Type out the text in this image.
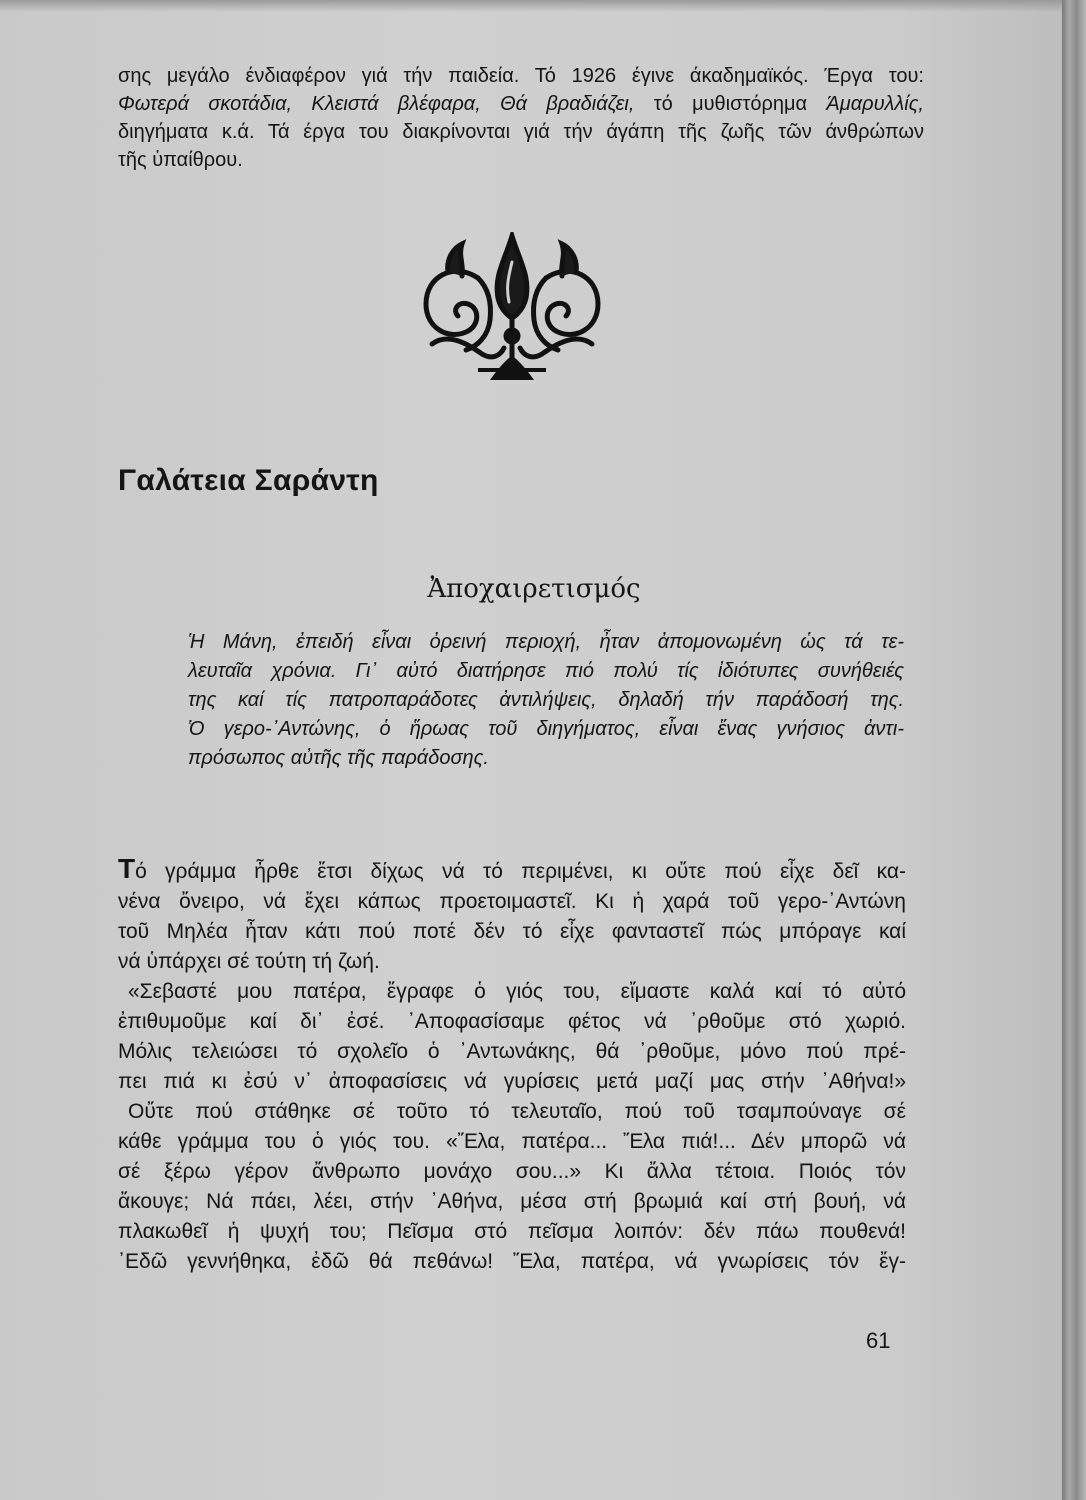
σης μεγάλο ένδιαφέρον γιά τήν παιδεία. Τό 1926 έγινε άκαδημαϊκός. Έργα του:
Φωτερά σκοτάδια, Κλειστά βλέφαρα, Θά βραδιάζει, τό μυθιστόρημα Άμαρυλλίς,
διηγήματα κ.ά. Τά έργα του διακρίνονται γιά τήν άγάπη τῆς ζωῆς τῶν άνθρώπων
τῆς ὑπαίθρου.
Γαλάτεια Σαράντη
Ἀποχαιρετισμός
Ἡ Μάνη, ἐπειδή εἶναι ὀρεινή περιοχή, ἦταν ἀπομονωμένη ὡς τά τε-
λευταῖα χρόνια. Γι᾽ αὐτό διατήρησε πιό πολύ τίς ἰδιότυπες συνήθειές
της καί τίς πατροπαράδοτες ἀντιλήψεις, δηλαδή τήν παράδοσή της.
Ὁ γερο-᾽Αντώνης, ὁ ἥρωας τοῦ διηγήματος, εἶναι ἕνας γνήσιος ἀντι-
πρόσωπος αὐτῆς τῆς παράδοσης.
Τό γράμμα ἦρθε ἔτσι δίχως νά τό περιμένει, κι οὔτε πού εἶχε δεῖ κα-
νένα ὄνειρο, νά ἔχει κάπως προετοιμαστεῖ. Κι ἡ χαρά τοῦ γερο-᾽Αντώνη
τοῦ Μηλέα ἦταν κάτι πού ποτέ δέν τό εἶχε φανταστεῖ πώς μπόραγε καί
νά ὑπάρχει σέ τούτη τή ζωή.
«Σεβαστέ μου πατέρα, ἔγραφε ὁ γιός του, εἴμαστε καλά καί τό αὐτό
ἐπιθυμοῦμε καί δι᾽ ἐσέ. ᾽Αποφασίσαμε φέτος νά ᾽ρθοῦμε στό χωριό.
Μόλις τελειώσει τό σχολεῖο ὁ ᾽Αντωνάκης, θά ᾽ρθοῦμε, μόνο πού πρέ-
πει πιά κι ἐσύ ν᾽ ἀποφασίσεις νά γυρίσεις μετά μαζί μας στήν ᾽Αθήνα!»
Οὔτε πού στάθηκε σέ τοῦτο τό τελευταῖο, πού τοῦ τσαμπούναγε σέ
κάθε γράμμα του ὁ γιός του. «Ἔλα, πατέρα... Ἔλα πιά!... Δέν μπορῶ νά
σέ ξέρω γέρον ἄνθρωπο μονάχο σου...» Κι ἄλλα τέτοια. Ποιός τόν
ἄκουγε; Νά πάει, λέει, στήν ᾽Αθήνα, μέσα στή βρωμιά καί στή βουή, νά
πλακωθεῖ ἡ ψυχή του; Πεῖσμα στό πεῖσμα λοιπόν: δέν πάω πουθενά!
᾽Εδῶ γεννήθηκα, ἐδῶ θά πεθάνω! Ἔλα, πατέρα, νά γνωρίσεις τόν ἔγ-

61
